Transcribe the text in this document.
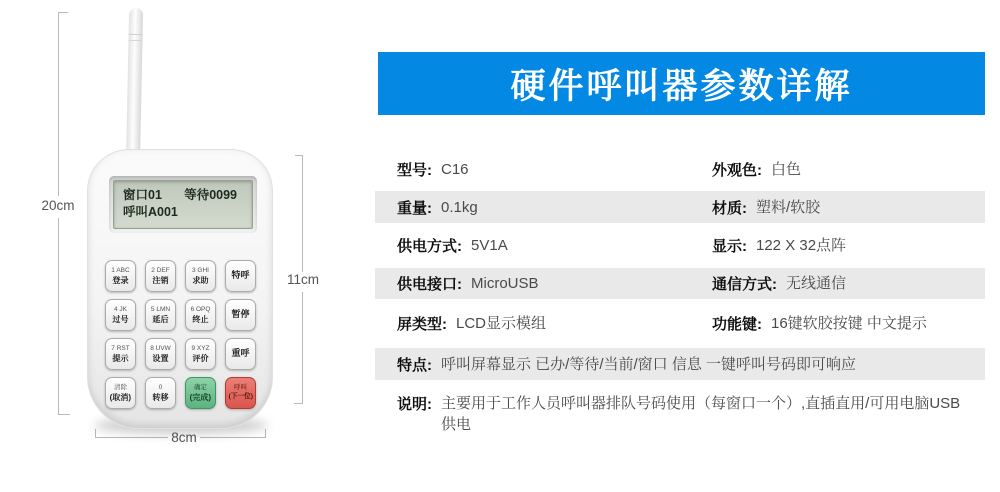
20cm
11cm
8cm
窗口01 等待0099
呼叫A001
1 ABC
登录
2 DEF
注销
3 GHI
求助 特呼
4 JK
过号
5 LMN
延后
6 OPQ
终止 暂停
7 RST
提示
8 UVW
设置
9 XYZ
评价 重呼
清除
(取消)
0
转移
确定
(完成)
呼叫
(下一位)
硬件呼叫器参数详解
型号: C16	外观色: 白色
重量: 0.1kg	材质: 塑料/软胶
供电方式: 5V1A	显示: 122 X 32点阵
供电接口: MicroUSB	通信方式: 无线通信
屏类型: LCD显示模组	功能键: 16键软胶按键 中文提示
特点: 呼叫屏幕显示 已办/等待/当前/窗口 信息 一键呼叫号码即可响应
说明: 主要用于工作人员呼叫器排队号码使用（每窗口一个）,直插直用/可用电脑USB供电
